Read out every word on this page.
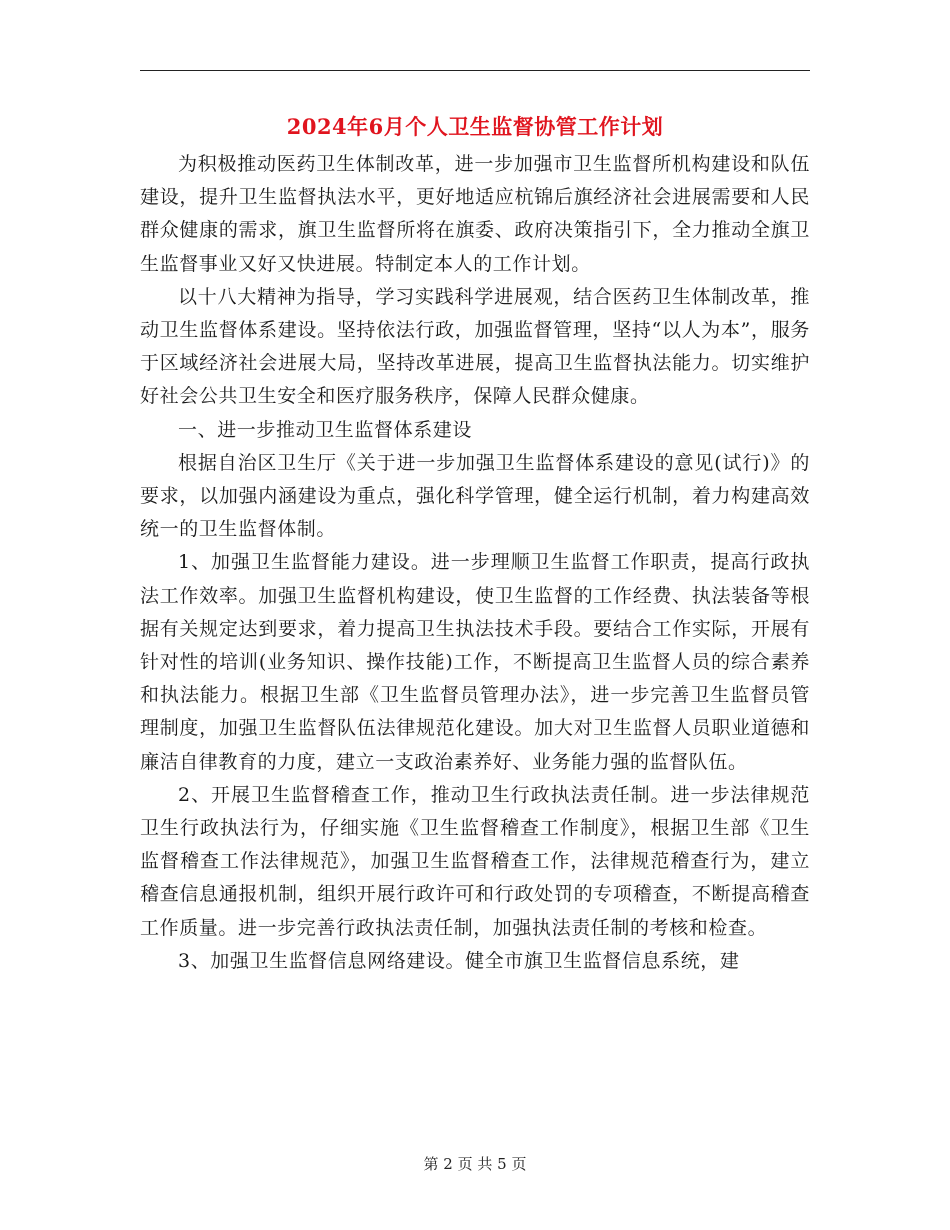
2024年6月个人卫生监督协管工作计划

为积极推动医药卫生体制改革，进一步加强市卫生监督所机构建设和队伍建设，提升卫生监督执法水平，更好地适应杭锦后旗经济社会进展需要和人民群众健康的需求，旗卫生监督所将在旗委、政府决策指引下，全力推动全旗卫生监督事业又好又快进展。特制定本人的工作计划。

以十八大精神为指导，学习实践科学进展观，结合医药卫生体制改革，推动卫生监督体系建设。坚持依法行政，加强监督管理，坚持“以人为本”，服务于区域经济社会进展大局，坚持改革进展，提高卫生监督执法能力。切实维护好社会公共卫生安全和医疗服务秩序，保障人民群众健康。

一、进一步推动卫生监督体系建设

根据自治区卫生厅《关于进一步加强卫生监督体系建设的意见(试行)》的要求，以加强内涵建设为重点，强化科学管理，健全运行机制，着力构建高效统一的卫生监督体制。

1、加强卫生监督能力建设。进一步理顺卫生监督工作职责，提高行政执法工作效率。加强卫生监督机构建设，使卫生监督的工作经费、执法装备等根据有关规定达到要求，着力提高卫生执法技术手段。要结合工作实际，开展有针对性的培训(业务知识、操作技能)工作，不断提高卫生监督人员的综合素养和执法能力。根据卫生部《卫生监督员管理办法》，进一步完善卫生监督员管理制度，加强卫生监督队伍法律规范化建设。加大对卫生监督人员职业道德和廉洁自律教育的力度，建立一支政治素养好、业务能力强的监督队伍。

2、开展卫生监督稽查工作，推动卫生行政执法责任制。进一步法律规范卫生行政执法行为，仔细实施《卫生监督稽查工作制度》，根据卫生部《卫生监督稽查工作法律规范》，加强卫生监督稽查工作，法律规范稽查行为，建立稽查信息通报机制，组织开展行政许可和行政处罚的专项稽查，不断提高稽查工作质量。进一步完善行政执法责任制，加强执法责任制的考核和检查。

3、加强卫生监督信息网络建设。健全市旗卫生监督信息系统，建

第 2 页 共 5 页
